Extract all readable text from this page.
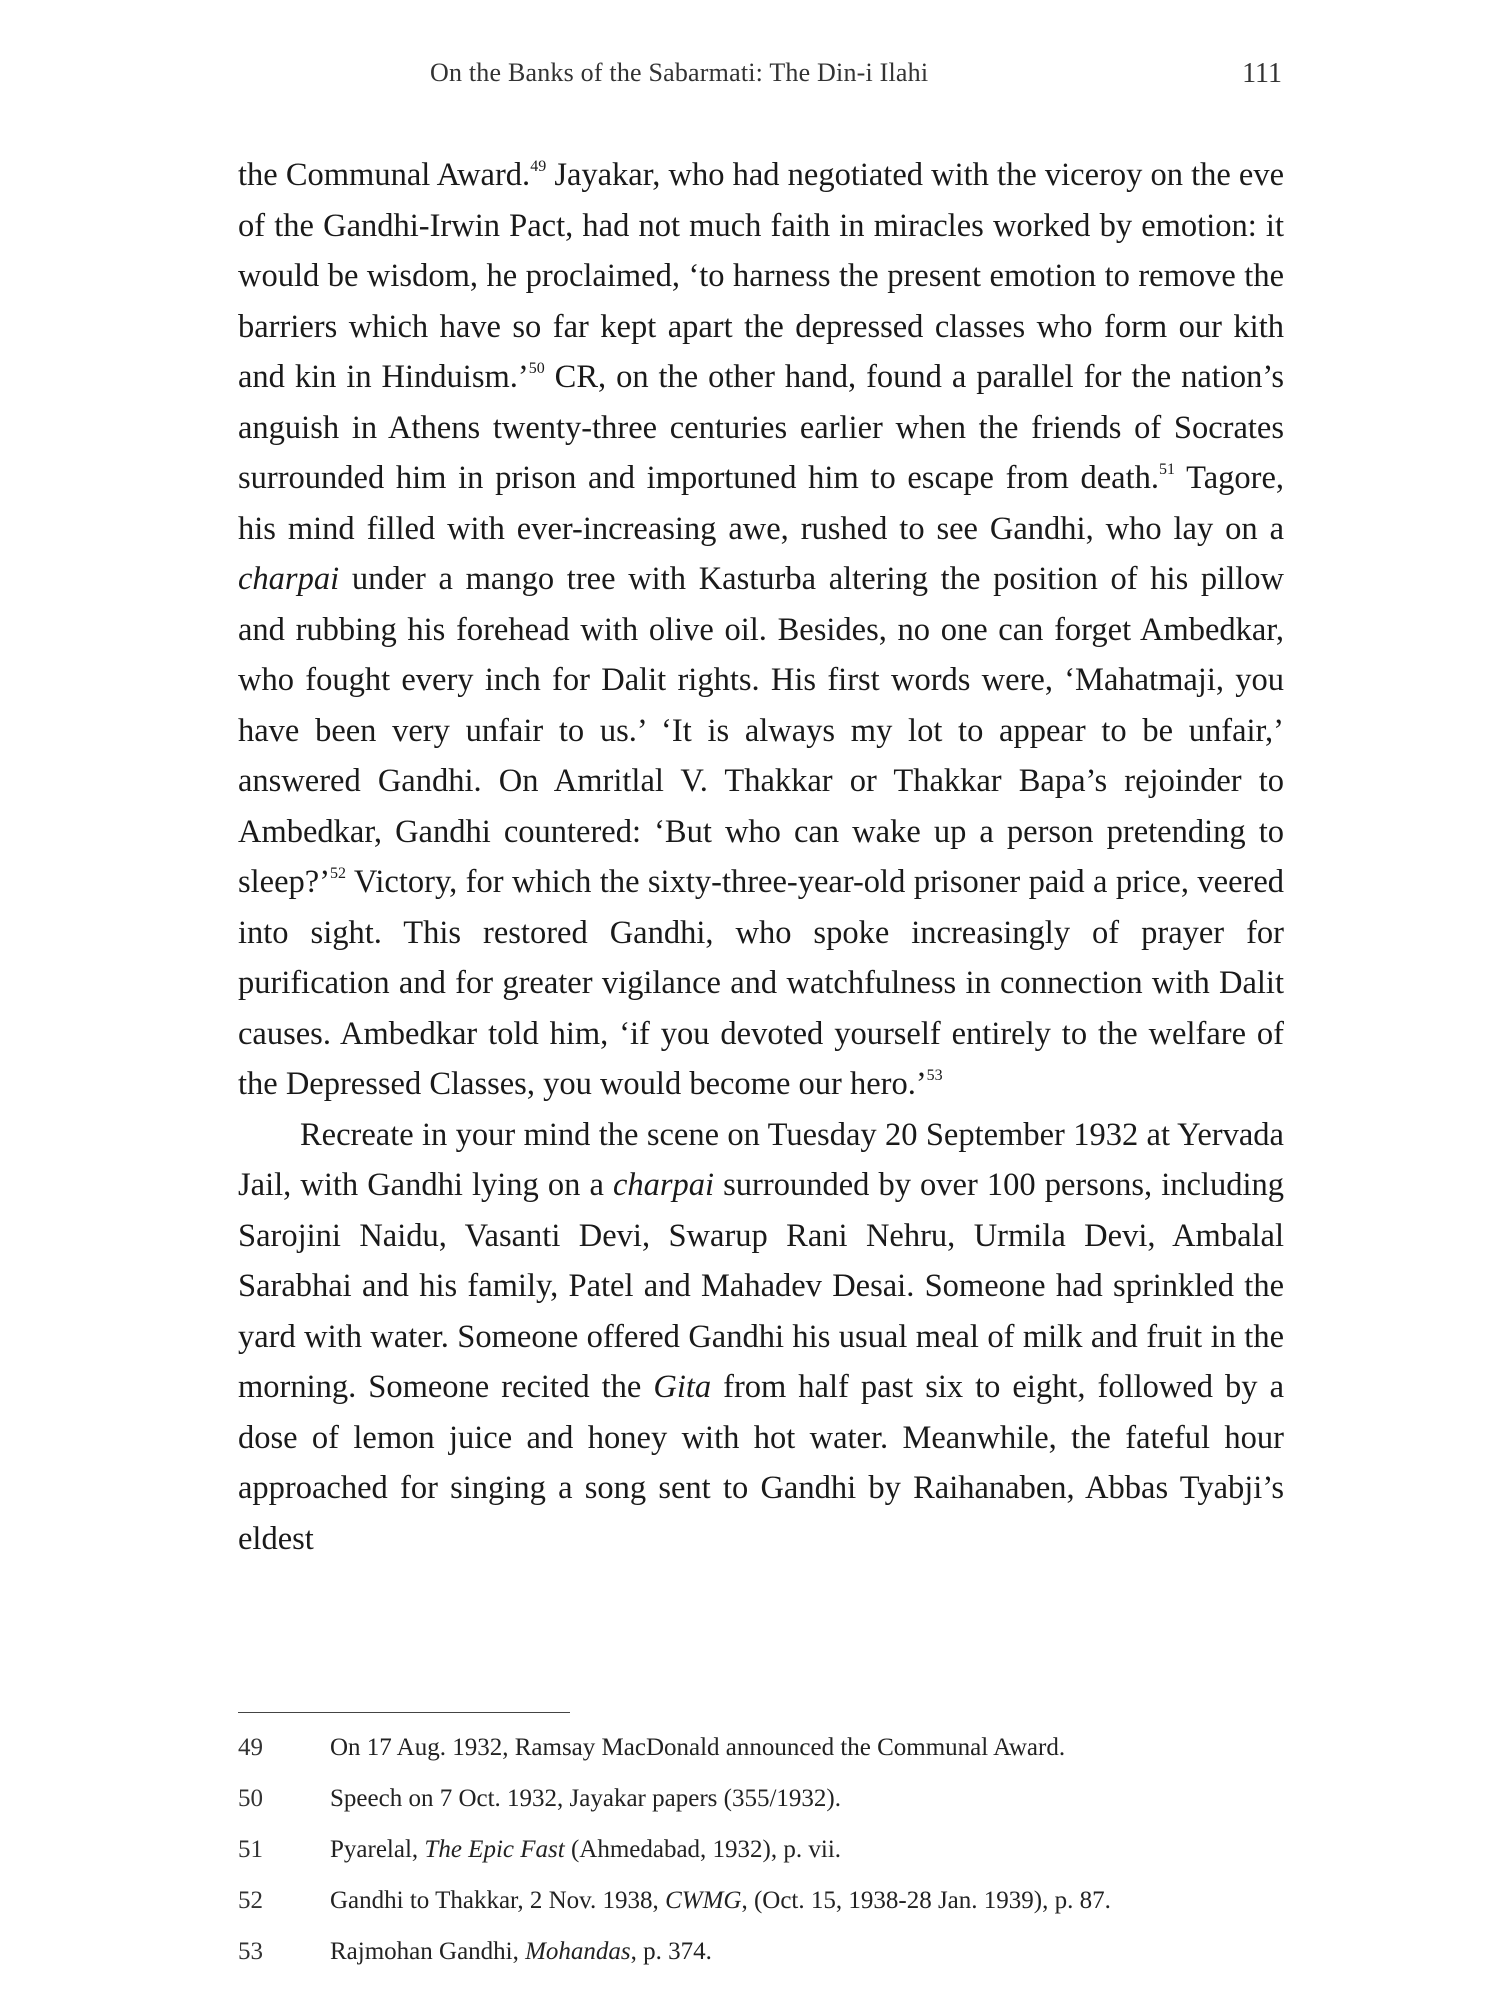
On the Banks of the Sabarmati: The Din-i Ilahi	111

the Communal Award.$^{49}$ Jayakar, who had negotiated with the viceroy on the eve of the Gandhi-Irwin Pact, had not much faith in miracles worked by emotion: it would be wisdom, he proclaimed, ‘to harness the present emotion to remove the barriers which have so far kept apart the depressed classes who form our kith and kin in Hinduism.’$^{50}$ CR, on the other hand, found a parallel for the nation’s anguish in Athens twenty-three centuries earlier when the friends of Socrates surrounded him in prison and importuned him to escape from death.$^{51}$ Tagore, his mind filled with ever-increasing awe, rushed to see Gandhi, who lay on a charpai under a mango tree with Kasturba altering the position of his pillow and rubbing his forehead with olive oil. Besides, no one can forget Ambedkar, who fought every inch for Dalit rights. His first words were, ‘Mahatmaji, you have been very unfair to us.’ ‘It is always my lot to appear to be unfair,’ answered Gandhi. On Amritlal V. Thakkar or Thakkar Bapa’s rejoinder to Ambedkar, Gandhi countered: ‘But who can wake up a person pretending to sleep?’$^{52}$ Victory, for which the sixty-three-year-old prisoner paid a price, veered into sight. This restored Gandhi, who spoke increasingly of prayer for purification and for greater vigilance and watchfulness in connection with Dalit causes. Ambedkar told him, ‘if you devoted yourself entirely to the welfare of the Depressed Classes, you would become our hero.’$^{53}$

Recreate in your mind the scene on Tuesday 20 September 1932 at Yervada Jail, with Gandhi lying on a charpai surrounded by over 100 persons, including Sarojini Naidu, Vasanti Devi, Swarup Rani Nehru, Urmila Devi, Ambalal Sarabhai and his family, Patel and Mahadev Desai. Someone had sprinkled the yard with water. Someone offered Gandhi his usual meal of milk and fruit in the morning. Someone recited the Gita from half past six to eight, followed by a dose of lemon juice and honey with hot water. Meanwhile, the fateful hour approached for singing a song sent to Gandhi by Raihanaben, Abbas Tyabji’s eldest

49	On 17 Aug. 1932, Ramsay MacDonald announced the Communal Award.
50	Speech on 7 Oct. 1932, Jayakar papers (355/1932).
51	Pyarelal, The Epic Fast (Ahmedabad, 1932), p. vii.
52	Gandhi to Thakkar, 2 Nov. 1938, CWMG, (Oct. 15, 1938-28 Jan. 1939), p. 87.
53	Rajmohan Gandhi, Mohandas, p. 374.
